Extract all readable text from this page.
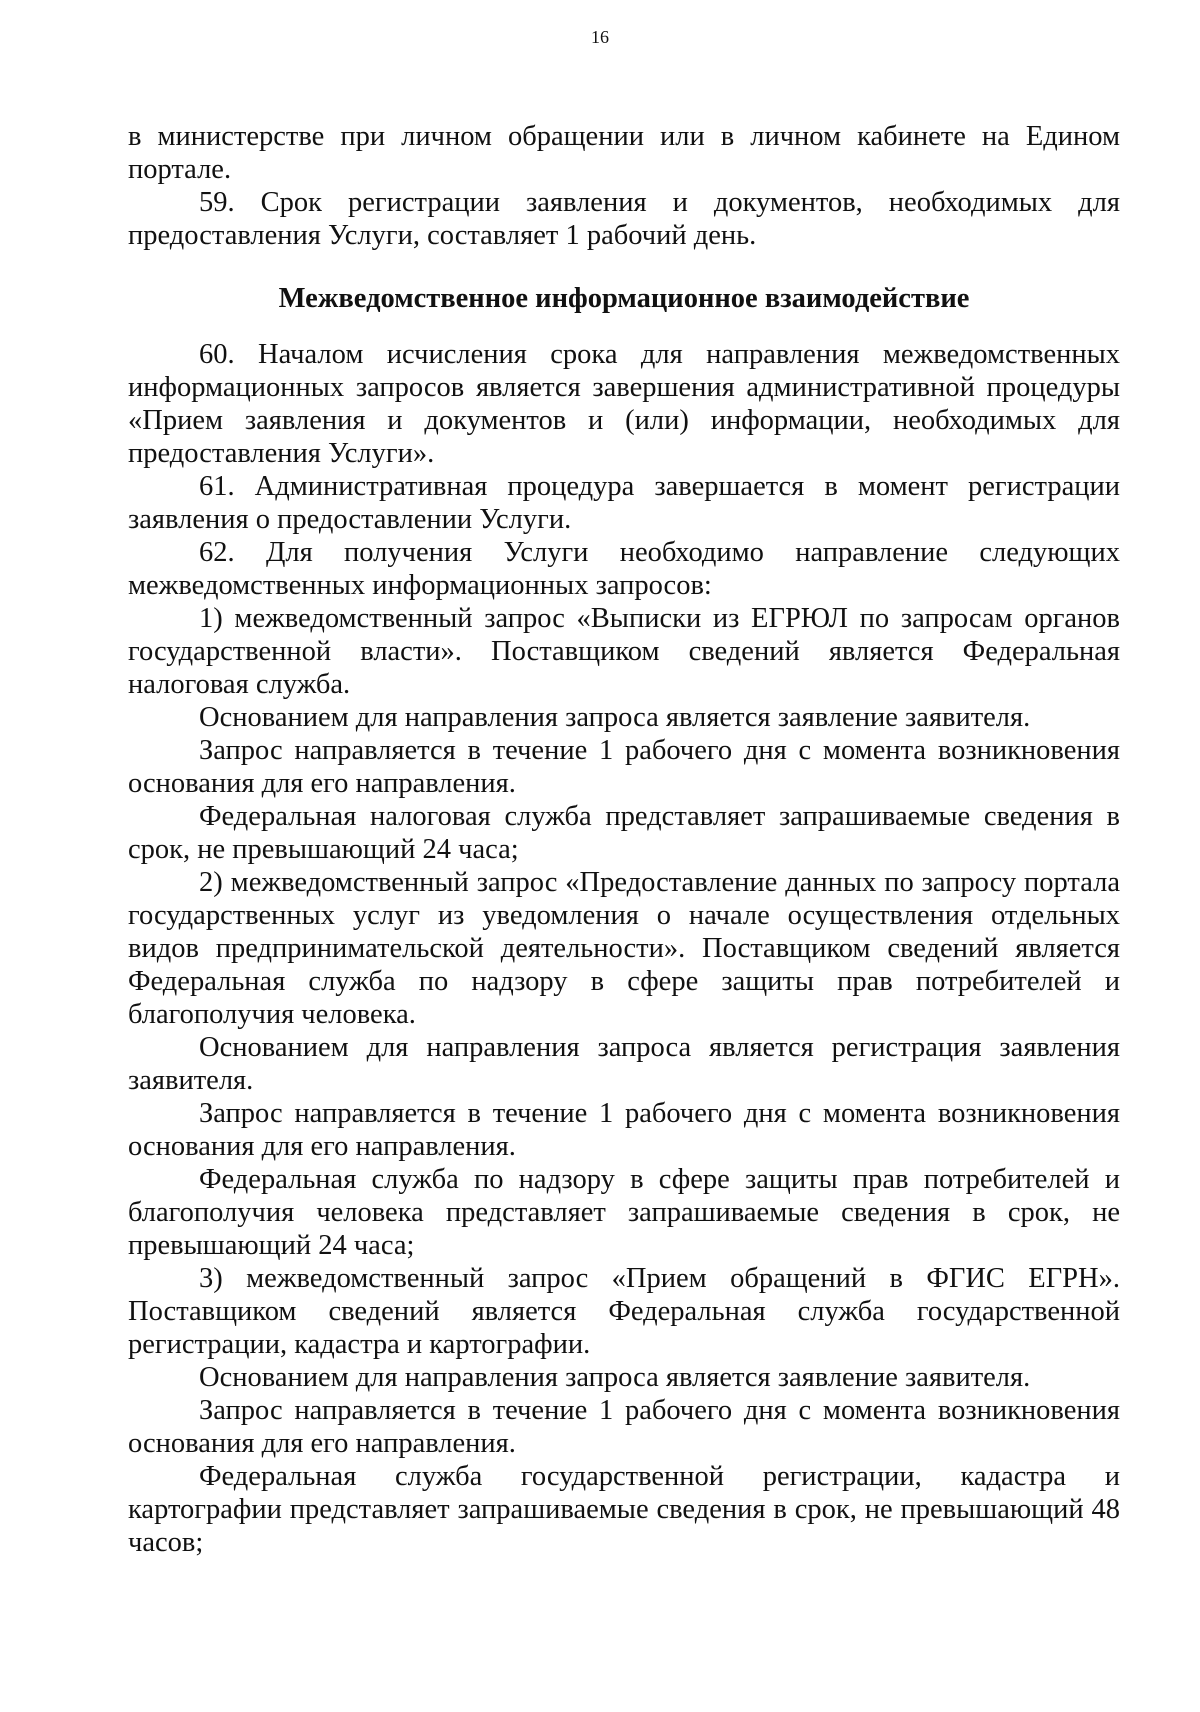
16

в министерстве при личном обращении или в личном кабинете на Едином портале.

59. Срок регистрации заявления и документов, необходимых для предоставления Услуги, составляет 1 рабочий день.

Межведомственное информационное взаимодействие

60. Началом исчисления срока для направления межведомственных информационных запросов является завершения административной процедуры «Прием заявления и документов и (или) информации, необходимых для предоставления Услуги».

61. Административная процедура завершается в момент регистрации заявления о предоставлении Услуги.

62. Для получения Услуги необходимо направление следующих межведомственных информационных запросов:

1) межведомственный запрос «Выписки из ЕГРЮЛ по запросам органов государственной власти». Поставщиком сведений является Федеральная налоговая служба.

Основанием для направления запроса является заявление заявителя.

Запрос направляется в течение 1 рабочего дня с момента возникновения основания для его направления.

Федеральная налоговая служба представляет запрашиваемые сведения в срок, не превышающий 24 часа;

2) межведомственный запрос «Предоставление данных по запросу портала государственных услуг из уведомления о начале осуществления отдельных видов предпринимательской деятельности». Поставщиком сведений является Федеральная служба по надзору в сфере защиты прав потребителей и благополучия человека.

Основанием для направления запроса является регистрация заявления заявителя.

Запрос направляется в течение 1 рабочего дня с момента возникновения основания для его направления.

Федеральная служба по надзору в сфере защиты прав потребителей и благополучия человека представляет запрашиваемые сведения в срок, не превышающий 24 часа;

3) межведомственный запрос «Прием обращений в ФГИС ЕГРН». Поставщиком сведений является Федеральная служба государственной регистрации, кадастра и картографии.

Основанием для направления запроса является заявление заявителя.

Запрос направляется в течение 1 рабочего дня с момента возникновения основания для его направления.

Федеральная служба государственной регистрации, кадастра и картографии представляет запрашиваемые сведения в срок, не превышающий 48 часов;
